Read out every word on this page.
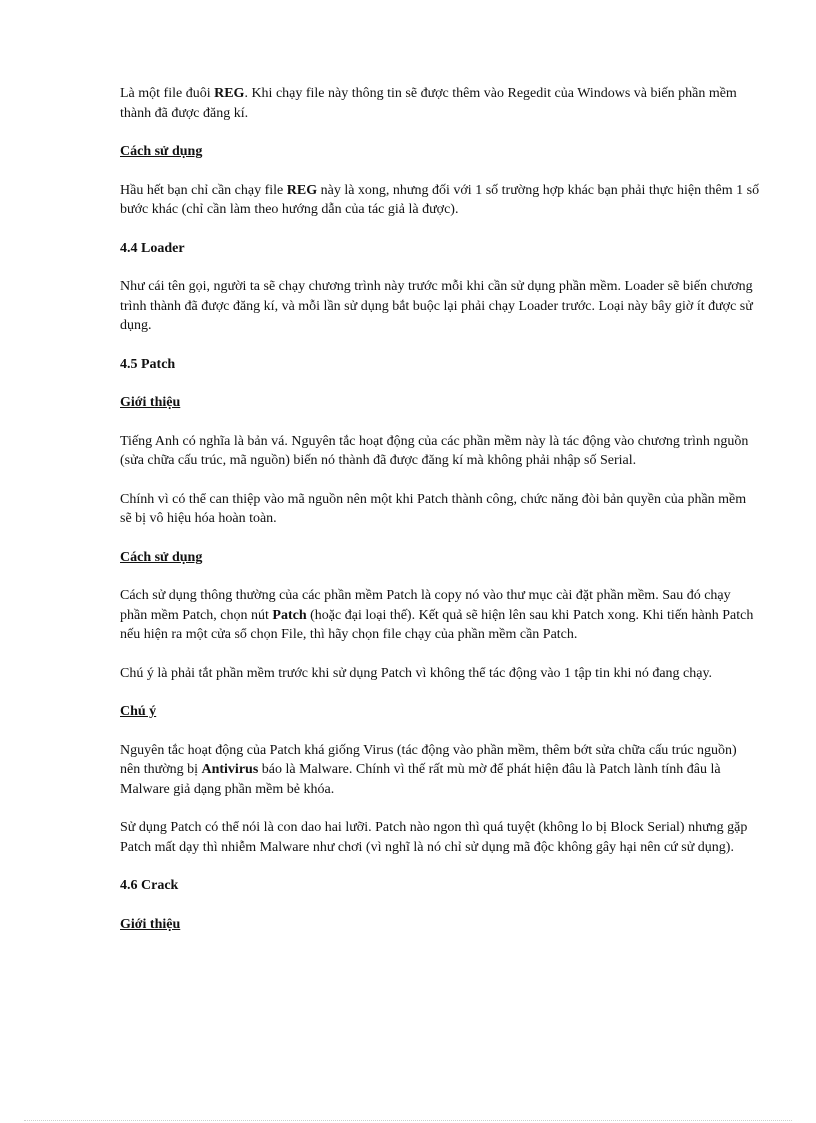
Là một file đuôi REG. Khi chạy file này thông tin sẽ được thêm vào Regedit của Windows và biến phần mềm thành đã được đăng kí.

Cách sử dụng

Hầu hết bạn chỉ cần chạy file REG này là xong, nhưng đối với 1 số trường hợp khác bạn phải thực hiện thêm 1 số bước khác (chỉ cần làm theo hướng dẫn của tác giả là được).

4.4 Loader

Như cái tên gọi, người ta sẽ chạy chương trình này trước mỗi khi cần sử dụng phần mềm. Loader sẽ biến chương trình thành đã được đăng kí, và mỗi lần sử dụng bắt buộc lại phải chạy Loader trước. Loại này bây giờ ít được sử dụng.

4.5 Patch
Giới thiệu

Tiếng Anh có nghĩa là bản vá. Nguyên tắc hoạt động của các phần mềm này là tác động vào chương trình nguồn (sửa chữa cấu trúc, mã nguồn) biến nó thành đã được đăng kí mà không phải nhập số Serial.

Chính vì có thể can thiệp vào mã nguồn nên một khi Patch thành công, chức năng đòi bản quyền của phần mềm sẽ bị vô hiệu hóa hoàn toàn.

Cách sử dụng

Cách sử dụng thông thường của các phần mềm Patch là copy nó vào thư mục cài đặt phần mềm. Sau đó chạy phần mềm Patch, chọn nút Patch (hoặc đại loại thế). Kết quả sẽ hiện lên sau khi Patch xong. Khi tiến hành Patch nếu hiện ra một cửa sổ chọn File, thì hãy chọn file chạy của phần mềm cần Patch.

Chú ý là phải tắt phần mềm trước khi sử dụng Patch vì không thể tác động vào 1 tập tin khi nó đang chạy.

Chú ý

Nguyên tắc hoạt động của Patch khá giống Virus (tác động vào phần mềm, thêm bớt sửa chữa cấu trúc nguồn) nên thường bị Antivirus báo là Malware. Chính vì thế rất mù mờ để phát hiện đâu là Patch lành tính đâu là Malware giả dạng phần mềm bẻ khóa.

Sử dụng Patch có thể nói là con dao hai lưỡi. Patch nào ngon thì quá tuyệt (không lo bị Block Serial) nhưng gặp Patch mất dạy thì nhiễm Malware như chơi (vì nghĩ là nó chỉ sử dụng mã độc không gây hại nên cứ sử dụng).

4.6 Crack
Giới thiệu
